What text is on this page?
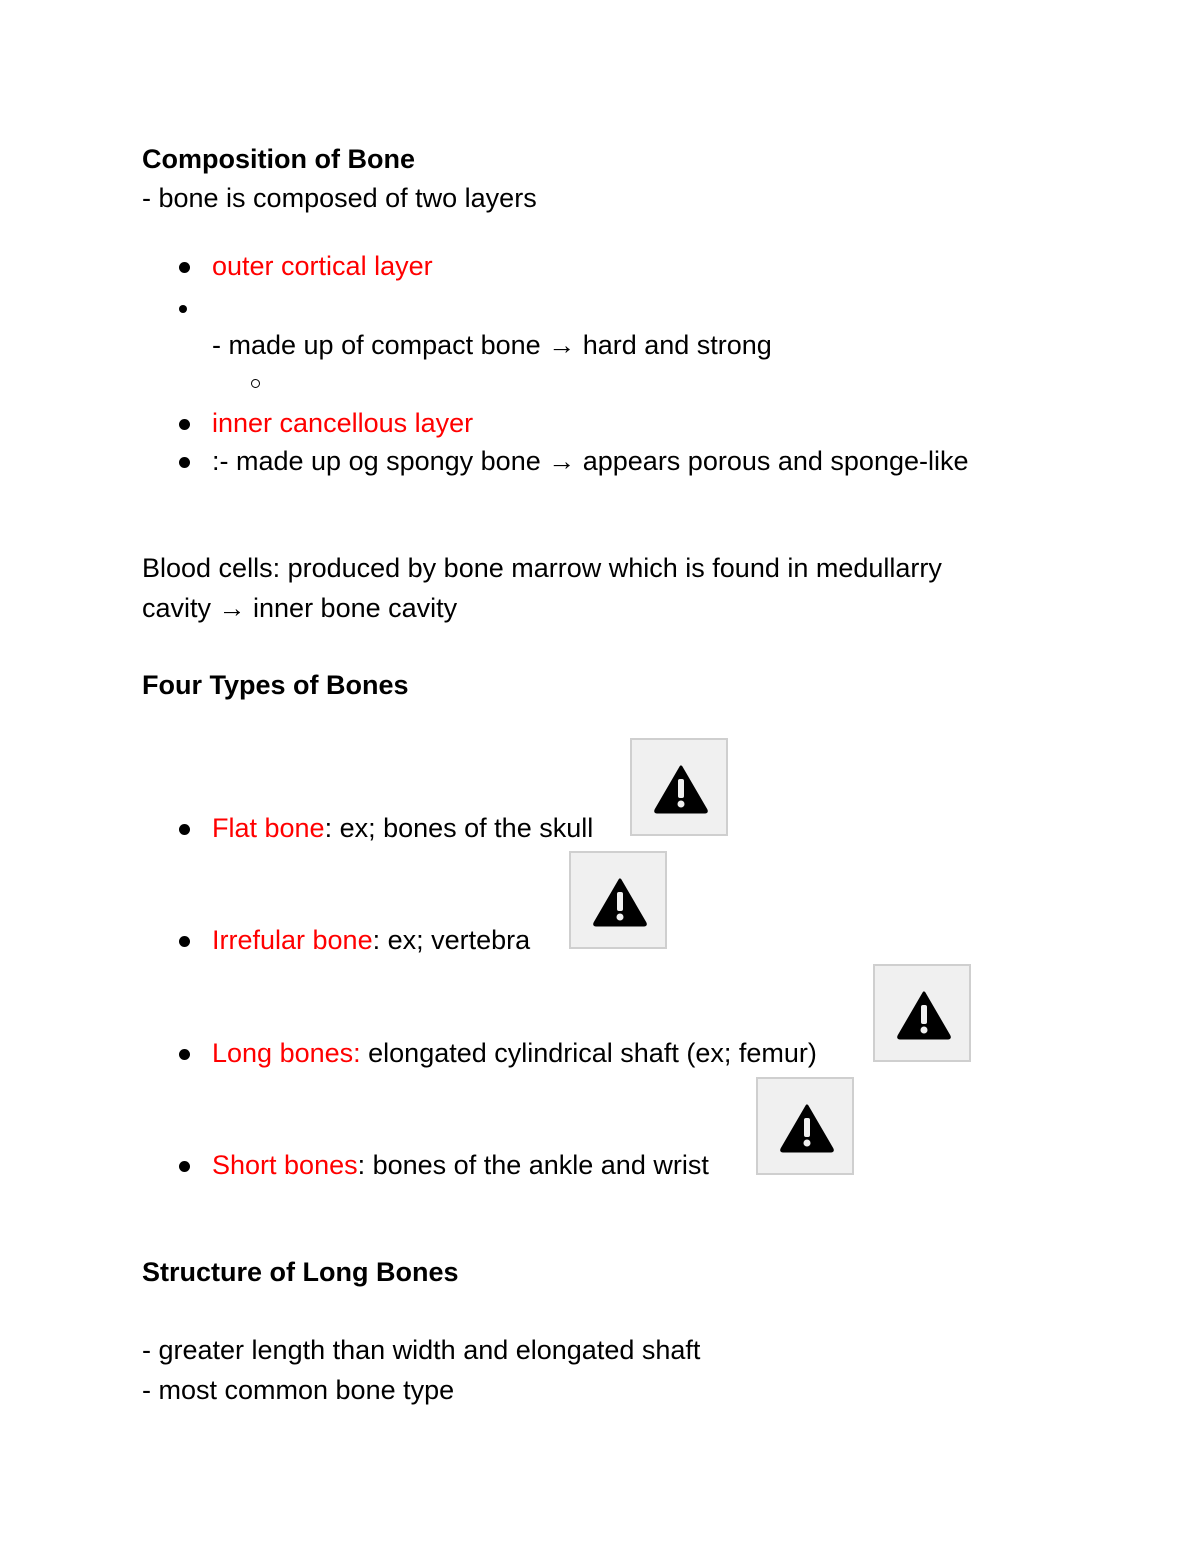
Composition of Bone
- bone is composed of two layers
outer cortical layer
- made up of compact bone → hard and strong
inner cancellous layer
:- made up og spongy bone → appears porous and sponge-like
Blood cells: produced by bone marrow which is found in medullarry
cavity → inner bone cavity
Four Types of Bones
Flat bone: ex; bones of the skull
Irrefular bone: ex; vertebra
Long bones: elongated cylindrical shaft (ex; femur)
Short bones: bones of the ankle and wrist
Structure of Long Bones
- greater length than width and elongated shaft
- most common bone type
